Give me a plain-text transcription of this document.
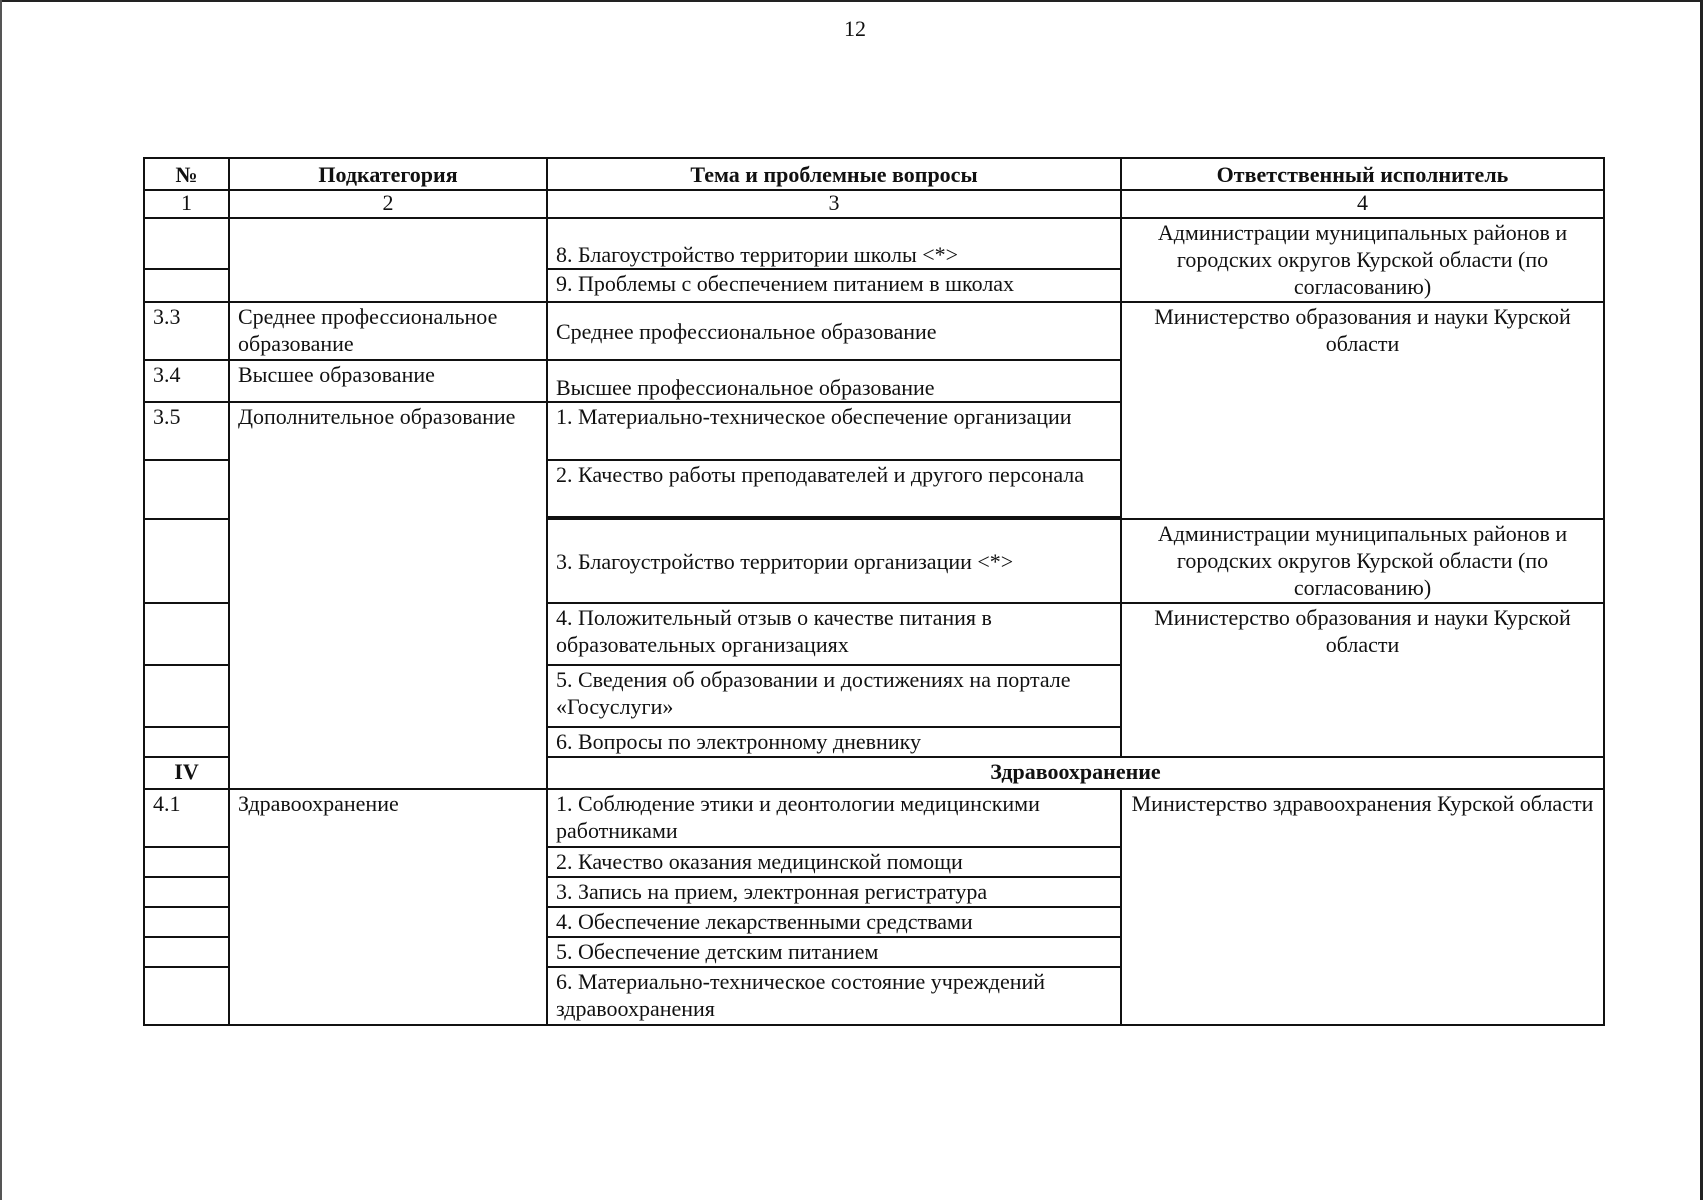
12
№	Подкатегория	Тема и проблемные вопросы	Ответственный исполнитель
1	2	3	4
		8. Благоустройство территории школы <*>	Администрации муниципальных районов и городских округов Курской области (по согласованию)
		9. Проблемы с обеспечением питанием в школах	
3.3	Среднее профессиональное образование	Среднее профессиональное образование	Министерство образования и науки Курской области
3.4	Высшее образование	Высшее профессиональное образование	
3.5	Дополнительное образование	1. Материально-техническое обеспечение организации	
		2. Качество работы преподавателей и другого персонала	

		3. Благоустройство территории организации <*>	Администрации муниципальных районов и городских округов Курской области (по согласованию)
		4. Положительный отзыв о качестве питания в образовательных организациях	Министерство образования и науки Курской области
		5. Сведения об образовании и достижениях на портале «Госуслуги»	
		6. Вопросы по электронному дневнику	
IV		Здравоохранение	
4.1	Здравоохранение	1. Соблюдение этики и деонтологии медицинскими работниками	Министерство здравоохранения Курской области
		2. Качество оказания медицинской помощи	
		3. Запись на прием, электронная регистратура	
		4. Обеспечение лекарственными средствами	
		5. Обеспечение детским питанием	
		6. Материально-техническое состояние учреждений здравоохранения	
